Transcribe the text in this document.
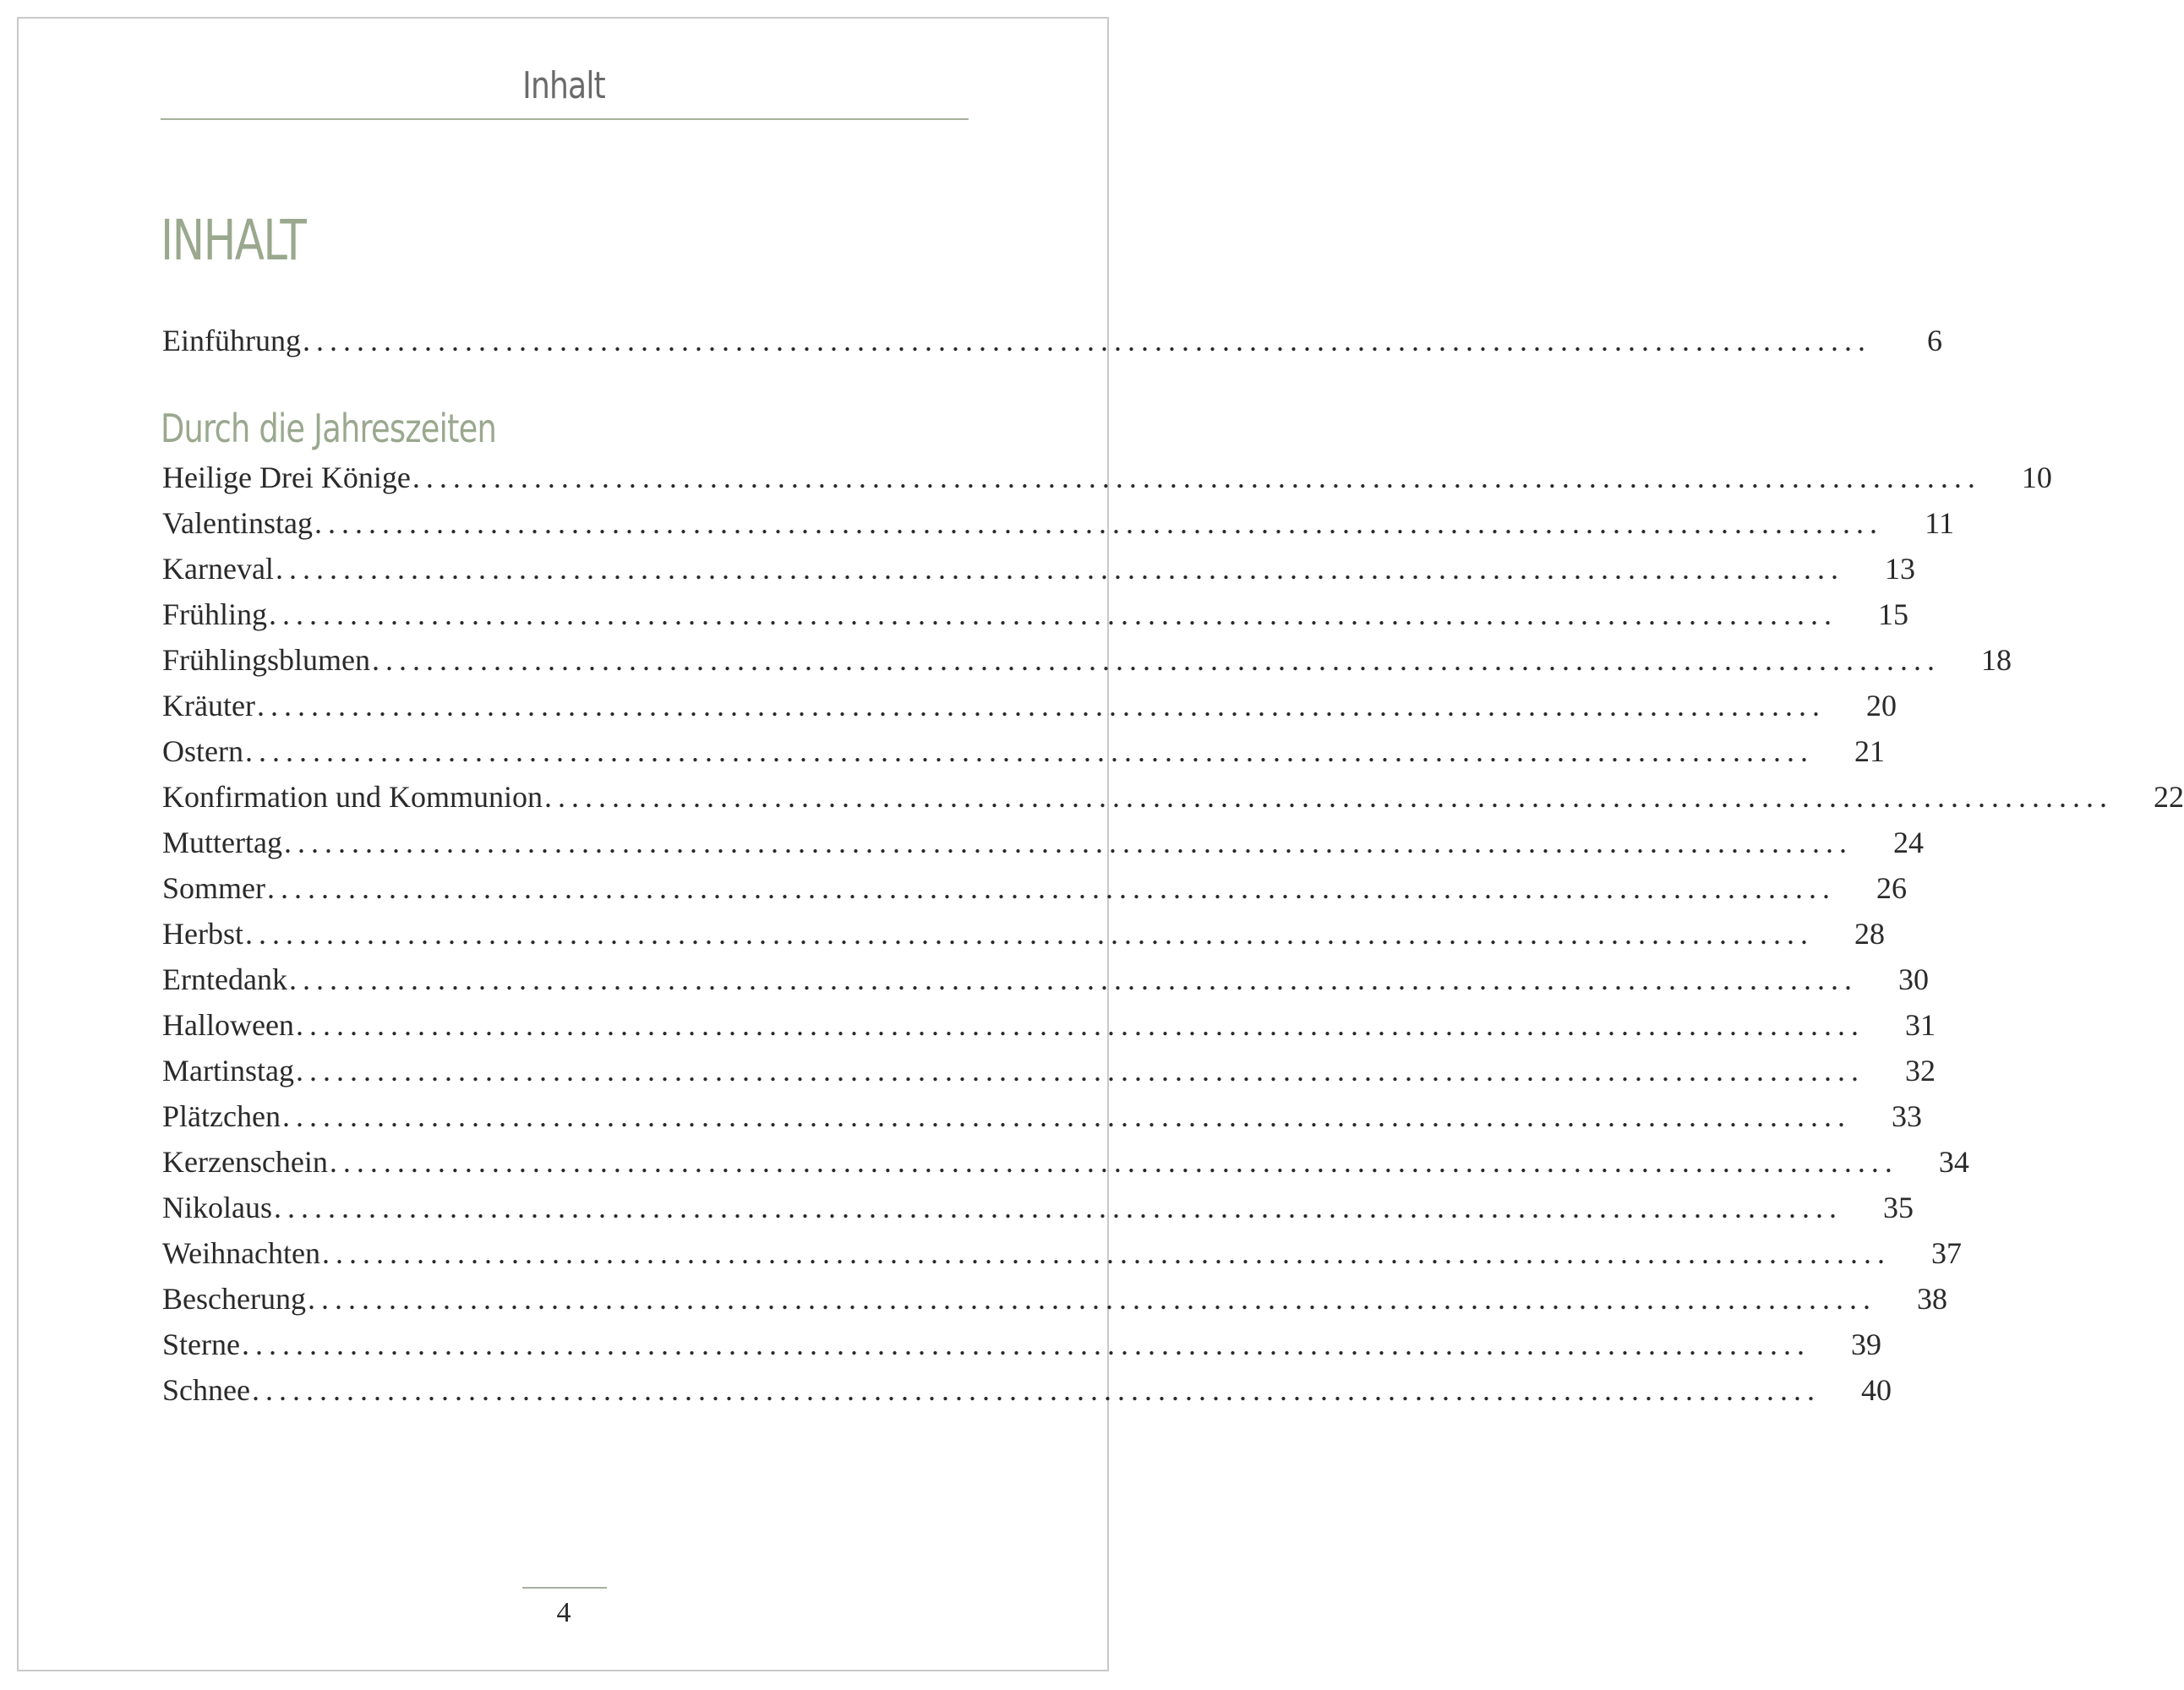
Inhalt
INHALT
Einführung ....................................................................................................................	6
Durch die Jahreszeiten
Heilige Drei Könige ....................................................................................................................	10
Valentinstag ....................................................................................................................	11
Karneval ....................................................................................................................	13
Frühling ....................................................................................................................	15
Frühlingsblumen ....................................................................................................................	18
Kräuter ....................................................................................................................	20
Ostern ....................................................................................................................	21
Konfirmation und Kommunion ....................................................................................................................	22
Muttertag ....................................................................................................................	24
Sommer ....................................................................................................................	26
Herbst ....................................................................................................................	28
Erntedank ....................................................................................................................	30
Halloween ....................................................................................................................	31
Martinstag ....................................................................................................................	32
Plätzchen ....................................................................................................................	33
Kerzenschein ....................................................................................................................	34
Nikolaus ....................................................................................................................	35
Weihnachten ....................................................................................................................	37
Bescherung ....................................................................................................................	38
Sterne ....................................................................................................................	39
Schnee ....................................................................................................................	40
4
